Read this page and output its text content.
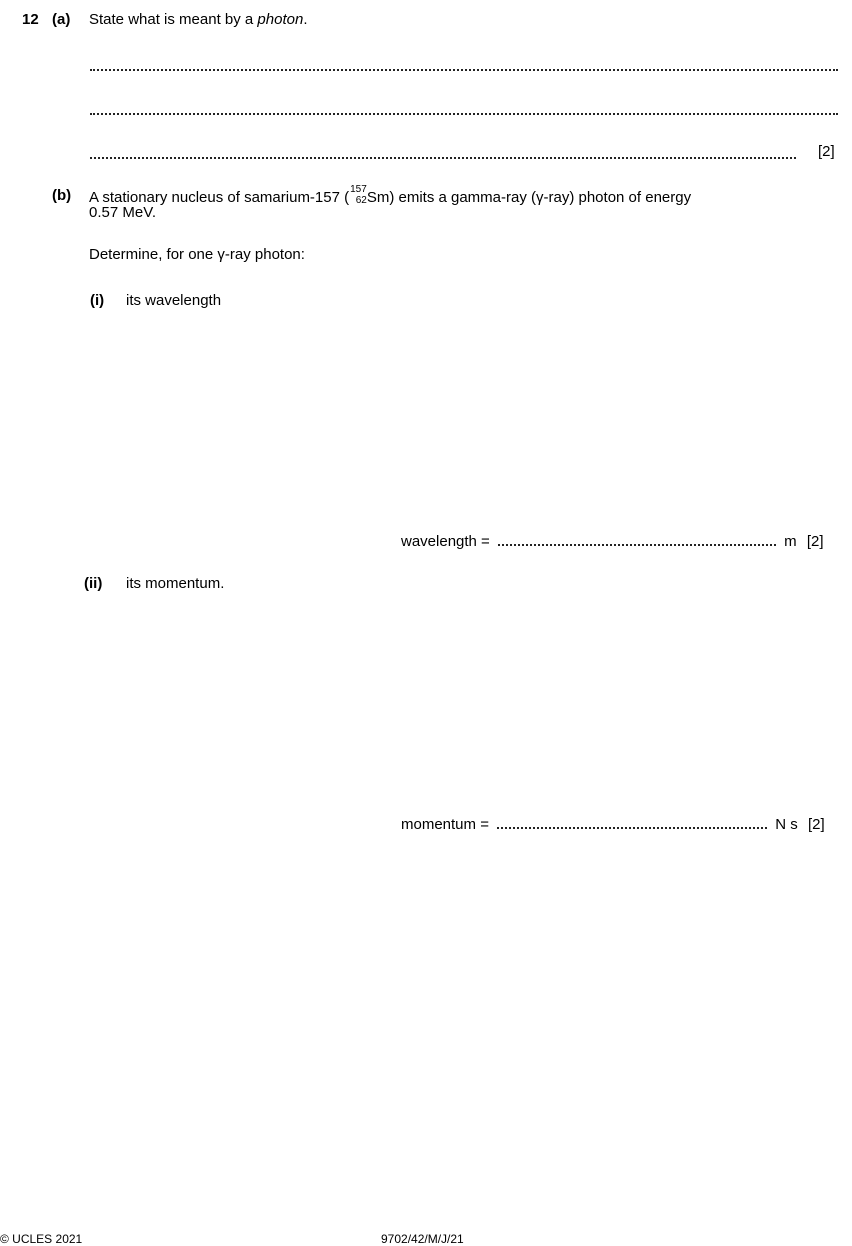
12 (a) State what is meant by a photon.
[2]
(b) A stationary nucleus of samarium-157 ( 157
62 Sm) emits a gamma-ray (γ-ray) photon of energy
0.57 MeV.
Determine, for one γ-ray photon:
(i) its wavelength
wavelength =	m [2]
(ii) its momentum.
momentum =	N s [2]
© UCLES 2021	9702/42/M/J/21
